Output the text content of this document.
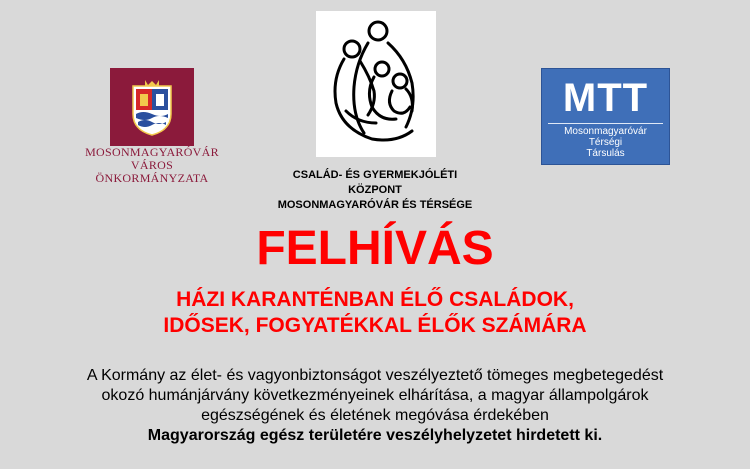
MOSONMAGYARÓVÁR
VÁROS
ÖNKORMÁNYZATA
MTT
Mosonmagyaróvár
Térségi
Társulás
CSALÁD- ÉS GYERMEKJÓLÉTI
KÖZPONT
MOSONMAGYARÓVÁR ÉS TÉRSÉGE
FELHÍVÁS
HÁZI KARANTÉNBAN ÉLŐ CSALÁDOK,
IDŐSEK, FOGYATÉKKAL ÉLŐK SZÁMÁRA
A Kormány az élet- és vagyonbiztonságot veszélyeztető tömeges megbetegedést
okozó humánjárvány következményeinek elhárítása, a magyar állampolgárok
egészségének és életének megóvása érdekében
Magyarország egész területére veszélyhelyzetet hirdetett ki.
